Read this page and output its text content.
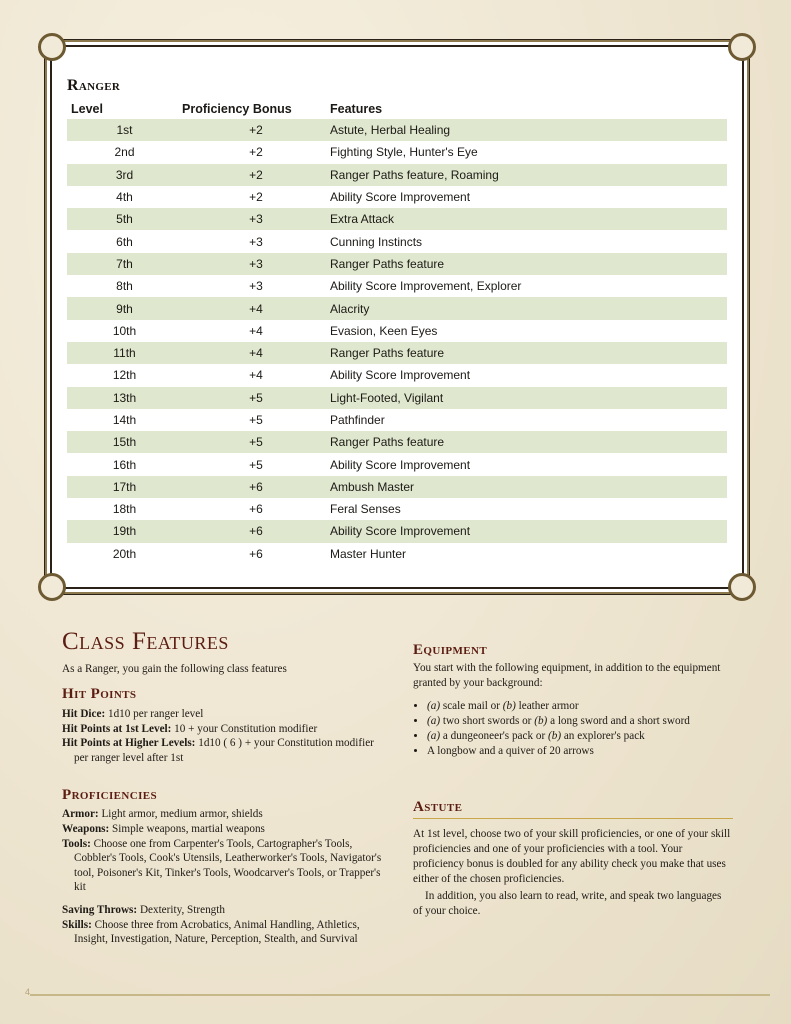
Ranger
Level	Proficiency Bonus	Features
1st	+2	Astute, Herbal Healing
2nd	+2	Fighting Style, Hunter's Eye
3rd	+2	Ranger Paths feature, Roaming
4th	+2	Ability Score Improvement
5th	+3	Extra Attack
6th	+3	Cunning Instincts
7th	+3	Ranger Paths feature
8th	+3	Ability Score Improvement, Explorer
9th	+4	Alacrity
10th	+4	Evasion, Keen Eyes
11th	+4	Ranger Paths feature
12th	+4	Ability Score Improvement
13th	+5	Light-Footed, Vigilant
14th	+5	Pathfinder
15th	+5	Ranger Paths feature
16th	+5	Ability Score Improvement
17th	+6	Ambush Master
18th	+6	Feral Senses
19th	+6	Ability Score Improvement
20th	+6	Master Hunter
Class Features

As a Ranger, you gain the following class features

Hit Points

Hit Dice: 1d10 per ranger level

Hit Points at 1st Level: 10 + your Constitution modifier

Hit Points at Higher Levels: 1d10 ( 6 ) + your Constitution modifier per ranger level after 1st

Proficiencies

Armor: Light armor, medium armor, shields

Weapons: Simple weapons, martial weapons

Tools: Choose one from Carpenter's Tools, Cartographer's Tools, Cobbler's Tools, Cook's Utensils, Leatherworker's Tools, Navigator's tool, Poisoner's Kit, Tinker's Tools, Woodcarver's Tools, or Trapper's kit

Saving Throws: Dexterity, Strength

Skills: Choose three from Acrobatics, Animal Handling, Athletics, Insight, Investigation, Nature, Perception, Stealth, and Survival

Equipment

You start with the following equipment, in addition to the equipment granted by your background:

• (a) scale mail or (b) leather armor
• (a) two short swords or (b) a long sword and a short sword
• (a) a dungeoneer's pack or (b) an explorer's pack
• A longbow and a quiver of 20 arrows
Astute

At 1st level, choose two of your skill proficiencies, or one of your skill proficiencies and one of your proficiencies with a tool. Your proficiency bonus is doubled for any ability check you make that uses either of the chosen proficiencies.

In addition, you also learn to read, write, and speak two languages of your choice.

4
